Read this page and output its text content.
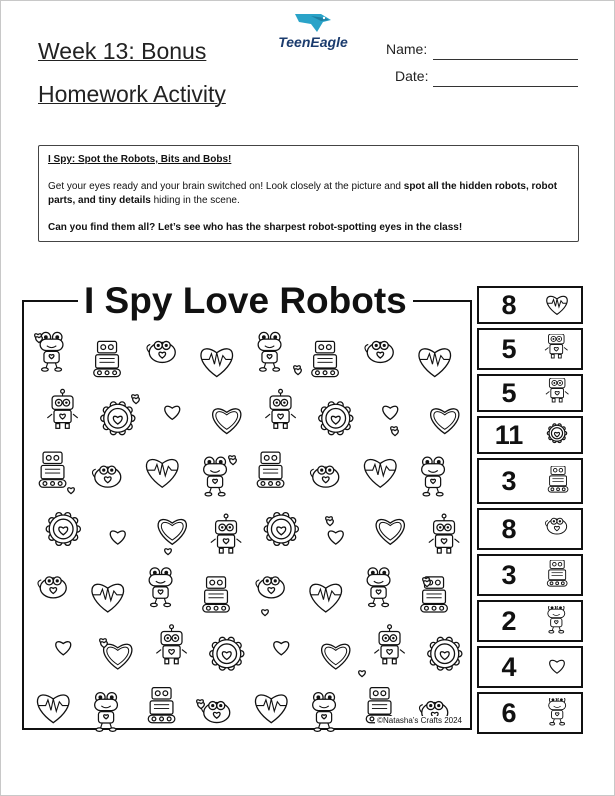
Week 13: Bonus
Homework Activity
TeenEagle	Name:
Date:

I Spy: Spot the Robots, Bits and Bobs!

Get your eyes ready and your brain switched on! Look closely at the picture and spot all the hidden robots, robot parts, and tiny details hiding in the scene.

Can you find them all? Let’s see who has the sharpest robot-spotting eyes in the class!

©Natasha’s Crafts 2024
I Spy Love Robots	8
5
5
11
3
8
3
2
4
6
